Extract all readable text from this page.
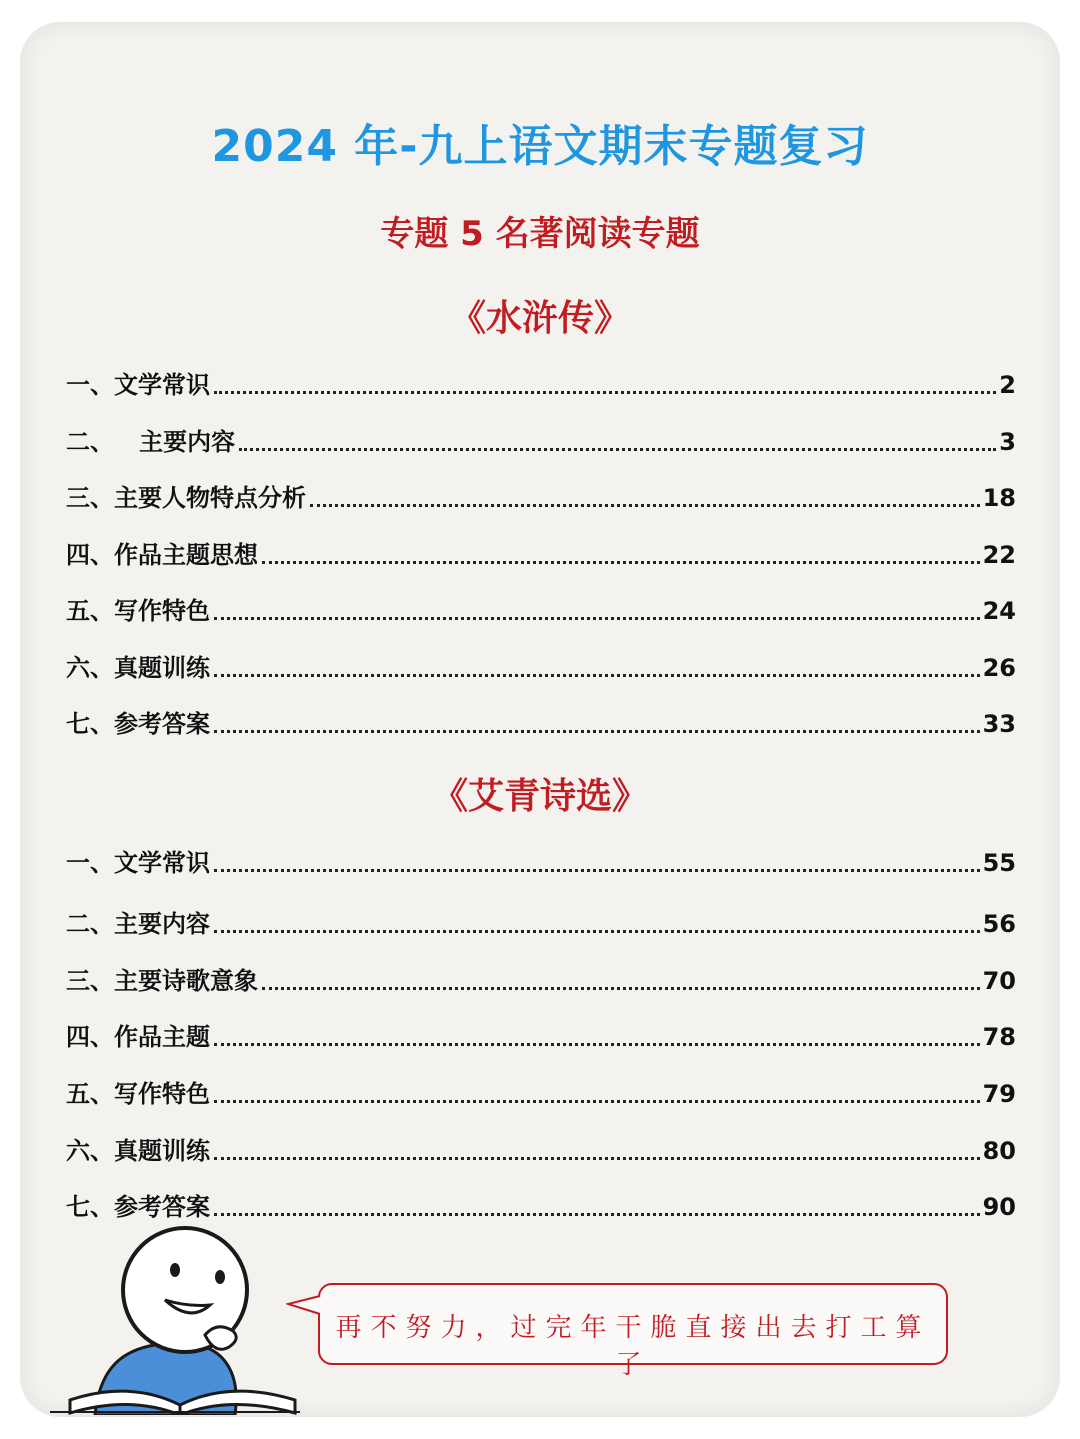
2024 年-九上语文期末专题复习
专题 5 名著阅读专题
《水浒传》
一、文学常识	2
二、   主要内容	3
三、主要人物特点分析	18
四、作品主题思想	22
五、写作特色	24
六、真题训练	26
七、参考答案	33
《艾青诗选》
一、文学常识	55
二、主要内容	56
三、主要诗歌意象	70
四、作品主题	78
五、写作特色	79
六、真题训练	80
七、参考答案	90
再不努力，过完年干脆直接出去打工算了
